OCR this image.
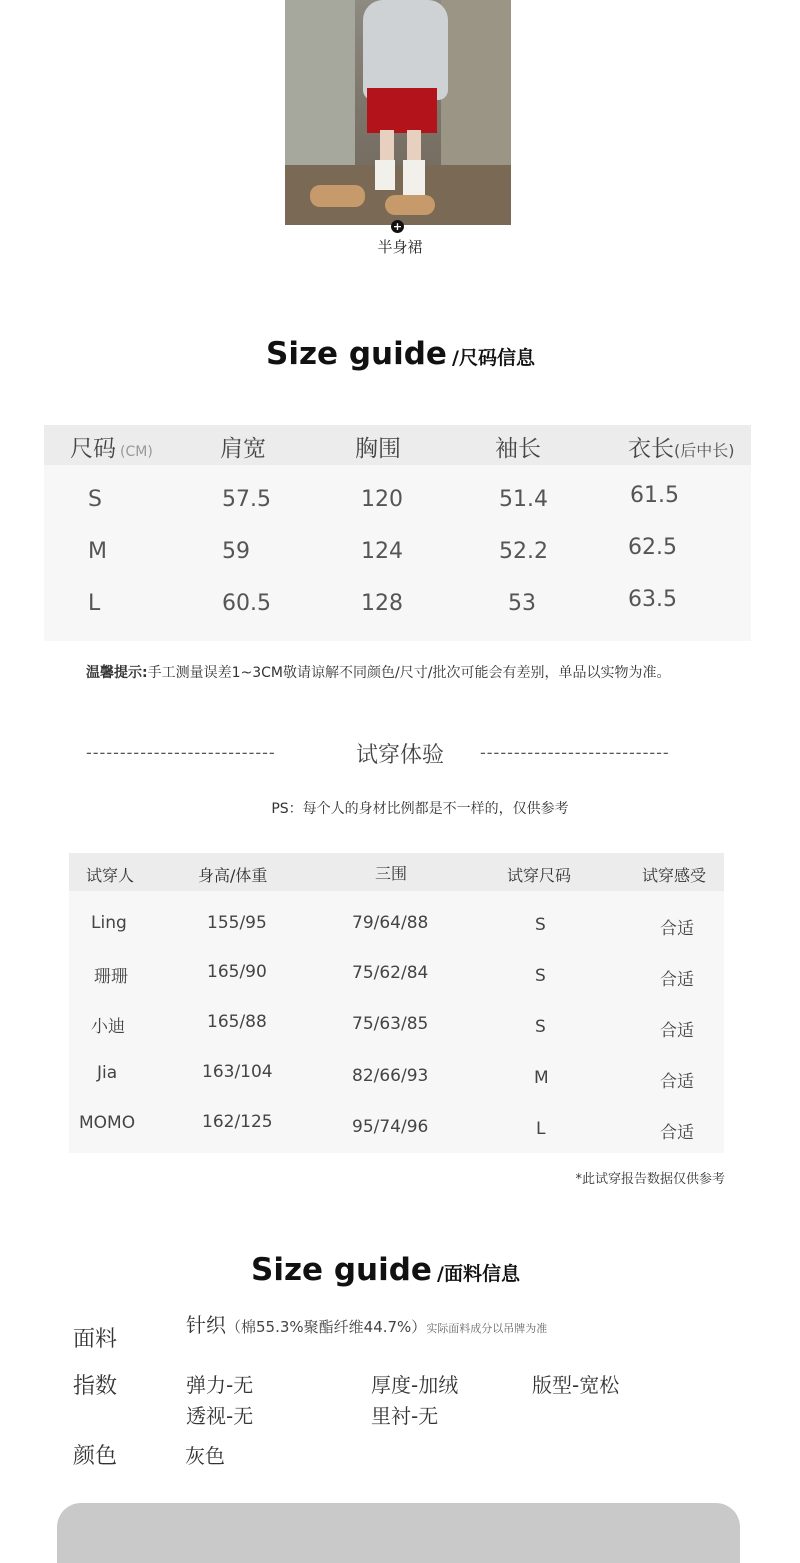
+
半身裙
Size guide /尺码信息
尺码 (CM)	肩宽	胸围	袖长	衣长(后中长)
S	57.5	120	51.4	61.5
M	59	124	52.2	62.5
L	60.5	128	53	63.5
温馨提示:手工测量误差1~3CM敬请谅解不同颜色/尺寸/批次可能会有差别，单品以实物为准。
----------------------------	试穿体验	----------------------------
PS：每个人的身材比例都是不一样的，仅供参考
试穿人	身高/体重	三围	试穿尺码	试穿感受
Ling	155/95	79/64/88	S	合适
珊珊	165/90	75/62/84	S	合适
小迪	165/88	75/63/85	S	合适
Jia	163/104	82/66/93	M	合适
MOMO	162/125	95/74/96	L	合适
*此试穿报告数据仅供参考
Size guide /面料信息
面料
针织（棉55.3%聚酯纤维44.7%）实际面料成分以吊牌为准
指数	弹力-无	厚度-加绒	版型-宽松
透视-无	里衬-无
颜色	灰色
